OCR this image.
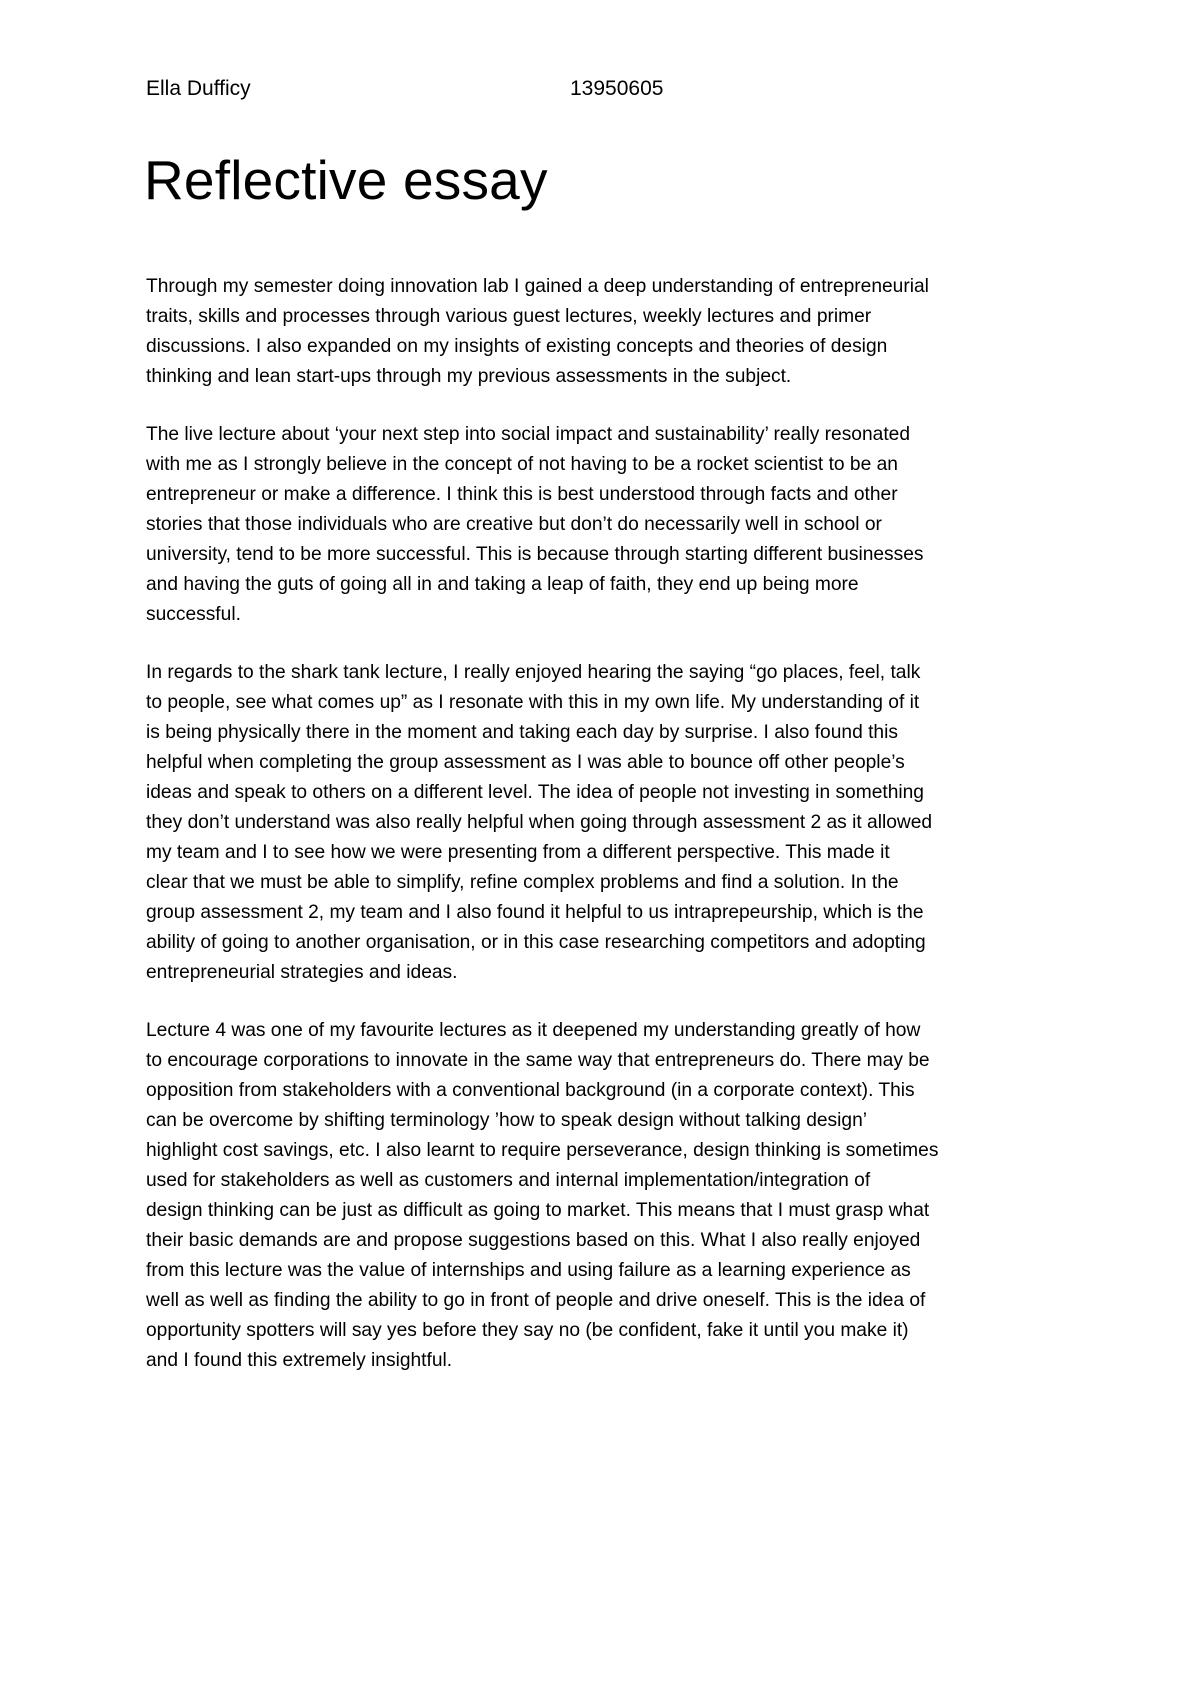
Ella Dufficy	13950605
Reflective essay

Through my semester doing innovation lab I gained a deep understanding of entrepreneurial
traits, skills and processes through various guest lectures, weekly lectures and primer
discussions. I also expanded on my insights of existing concepts and theories of design
thinking and lean start-ups through my previous assessments in the subject.

The live lecture about ‘your next step into social impact and sustainability’ really resonated
with me as I strongly believe in the concept of not having to be a rocket scientist to be an
entrepreneur or make a difference. I think this is best understood through facts and other
stories that those individuals who are creative but don’t do necessarily well in school or
university, tend to be more successful. This is because through starting different businesses
and having the guts of going all in and taking a leap of faith, they end up being more
successful.

In regards to the shark tank lecture, I really enjoyed hearing the saying “go places, feel, talk
to people, see what comes up” as I resonate with this in my own life. My understanding of it
is being physically there in the moment and taking each day by surprise. I also found this
helpful when completing the group assessment as I was able to bounce off other people’s
ideas and speak to others on a different level. The idea of people not investing in something
they don’t understand was also really helpful when going through assessment 2 as it allowed
my team and I to see how we were presenting from a different perspective. This made it
clear that we must be able to simplify, refine complex problems and find a solution. In the
group assessment 2, my team and I also found it helpful to us intraprepeurship, which is the
ability of going to another organisation, or in this case researching competitors and adopting
entrepreneurial strategies and ideas.

Lecture 4 was one of my favourite lectures as it deepened my understanding greatly of how
to encourage corporations to innovate in the same way that entrepreneurs do. There may be
opposition from stakeholders with a conventional background (in a corporate context). This
can be overcome by shifting terminology ’how to speak design without talking design’
highlight cost savings, etc. I also learnt to require perseverance, design thinking is sometimes
used for stakeholders as well as customers and internal implementation/integration of
design thinking can be just as difficult as going to market. This means that I must grasp what
their basic demands are and propose suggestions based on this. What I also really enjoyed
from this lecture was the value of internships and using failure as a learning experience as
well as well as finding the ability to go in front of people and drive oneself. This is the idea of
opportunity spotters will say yes before they say no (be confident, fake it until you make it)
and I found this extremely insightful.
